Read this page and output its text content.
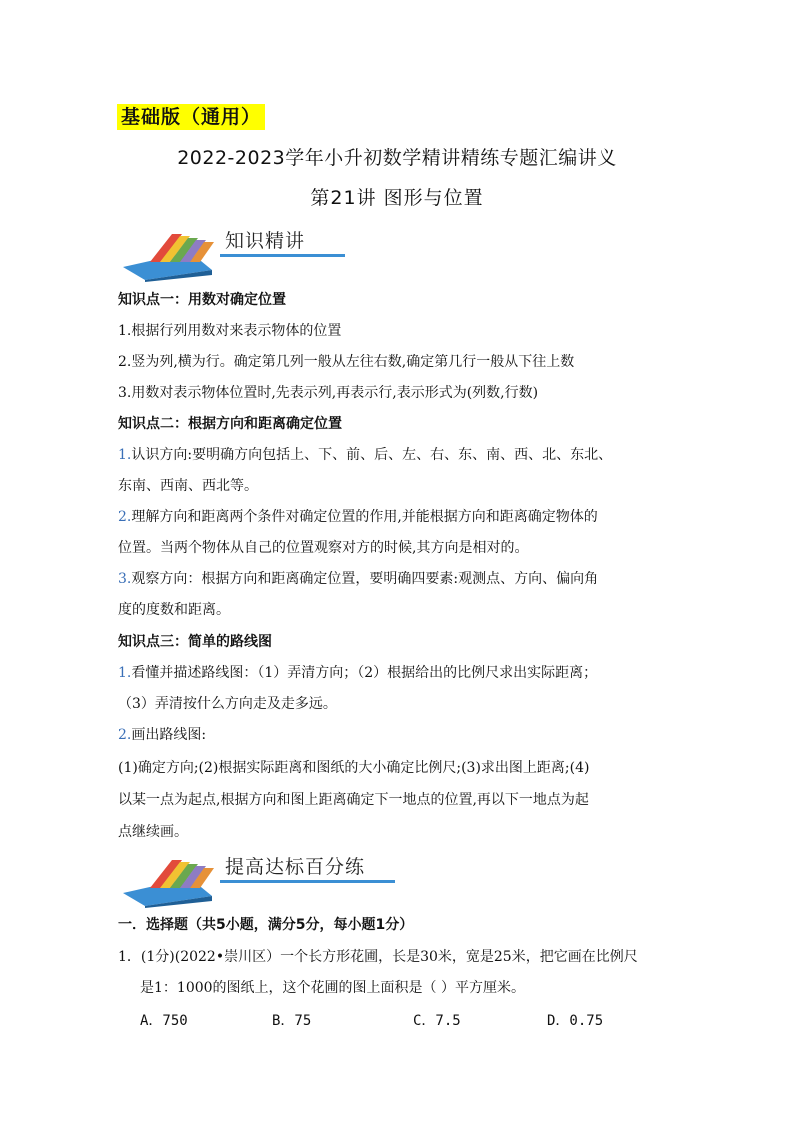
基础版（通用）
2022-2023学年小升初数学精讲精练专题汇编讲义
第21讲 图形与位置
知识精讲
知识点一：用数对确定位置
1.根据行列用数对来表示物体的位置
2.竖为列,横为行。确定第几列一般从左往右数,确定第几行一般从下往上数
3.用数对表示物体位置时,先表示列,再表示行,表示形式为(列数,行数)
知识点二：根据方向和距离确定位置
1.认识方向:要明确方向包括上、下、前、后、左、右、东、南、西、北、东北、
东南、西南、西北等。
2.理解方向和距离两个条件对确定位置的作用,并能根据方向和距离确定物体的
位置。当两个物体从自己的位置观察对方的时候,其方向是相对的。
3.观察方向：根据方向和距离确定位置，要明确四要素:观测点、方向、偏向角
度的度数和距离。
知识点三：简单的路线图
1.看懂并描述路线图：（1）弄清方向；（2）根据给出的比例尺求出实际距离；
（3）弄清按什么方向走及走多远。
2.画出路线图:
(1)确定方向;(2)根据实际距离和图纸的大小确定比例尺;(3)求出图上距离;(4)
以某一点为起点,根据方向和图上距离确定下一地点的位置,再以下一地点为起
点继续画。
提高达标百分练
一．选择题（共5小题，满分5分，每小题1分）
1．(1分)(2022•崇川区）一个长方形花圃，长是30米，宽是25米，把它画在比例尺
是1：1000的图纸上，这个花圃的图上面积是（ ）平方厘米。
A．750	B．75	C．7.5	D．0.75
